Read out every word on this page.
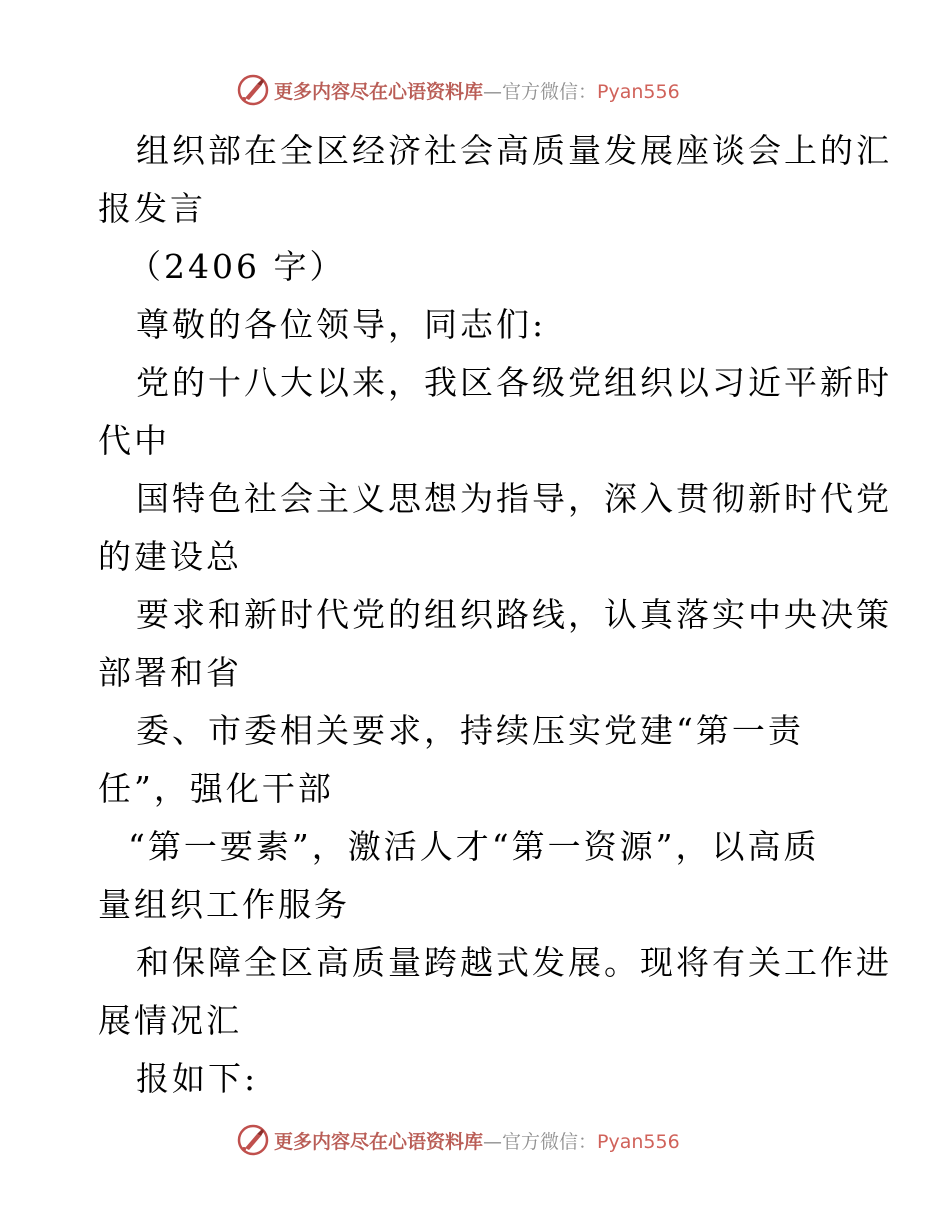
更多内容尽在心语资料库—官方微信：Pyan556
组织部在全区经济社会高质量发展座谈会上的汇
报发言
（2406 字）
尊敬的各位领导，同志们:
党的十八大以来，我区各级党组织以习近平新时
代中
国特色社会主义思想为指导，深入贯彻新时代党
的建设总
要求和新时代党的组织路线，认真落实中央决策
部署和省
委、市委相关要求，持续压实党建“第一责
任”，强化干部
“第一要素”，激活人才“第一资源”，以高质
量组织工作服务
和保障全区高质量跨越式发展。现将有关工作进
展情况汇
报如下:
更多内容尽在心语资料库—官方微信：Pyan556
